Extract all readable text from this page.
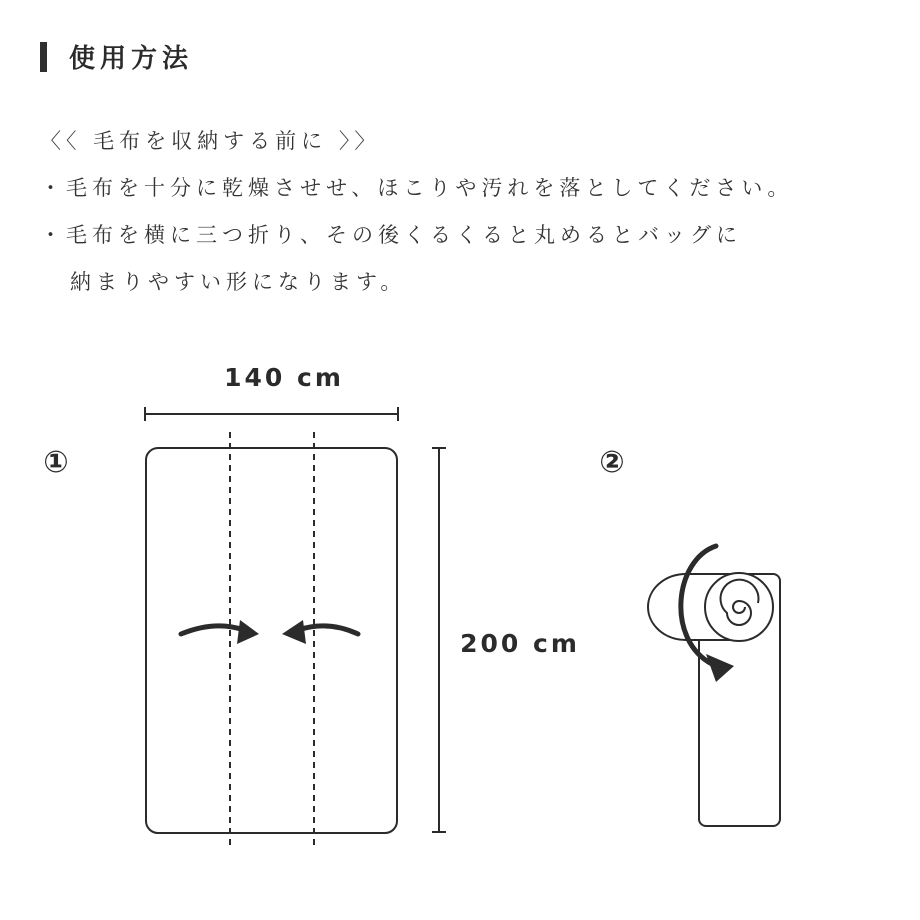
使用方法
〈〈 毛布を収納する前に 〉〉
・毛布を十分に乾燥させせ、ほこりや汚れを落としてください。
・毛布を横に三つ折り、その後くるくると丸めるとバッグに
納まりやすい形になります。
①	②
140 cm
200 cm
